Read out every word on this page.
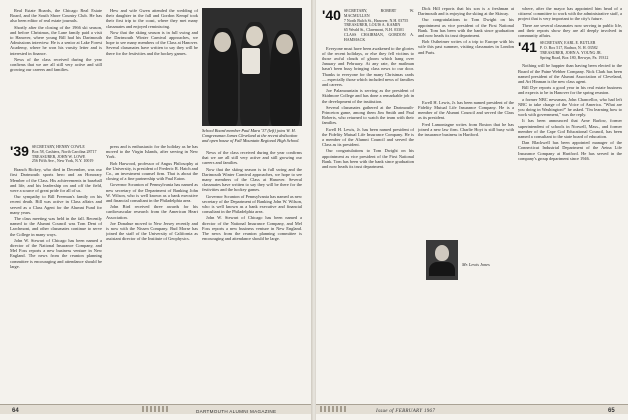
Real Estate Boards, the Chicago Real Estate Board, and the South Shore Country Club. He has also been editor of real estate journals.

Shortly after the closing of the 1966 ski season, and before Christmas, the Lane family paid a visit to Hanover, where young Bill had his Dartmouth Admissions interview. He is a senior at Lake Forest Academy, where he won his varsity letter and is interested in finance.

News of the class received during the year confirms that we are all still very active and still growing our careers and families.

Hew and wife Gwen attended the wedding of their daughter in the fall and Gordon Kempf took their first trip to the coast, where they met many classmates and enjoyed reminiscing.

Now that the skiing season is in full swing and the Dartmouth Winter Carnival approaches, we hope to see many members of the Class at Hanover. Several classmates have written to say they will be there for the festivities and the hockey games.

School Board member Paul Mara '37 (left) joins W. H. Congressman James Cleveland at the recent dedication and open house of Fall Mountain Regional High School.
'39 SECRETARY, HENRY COWLE
Box 58, Cashiers, North Carolina 28717
TREASURER, JOHN W. LOWE
256 Fifth Ave., New York, N.Y. 10019

Branch Rickey, who died in December, was our first Dartmouth sports hero and an Honorary Member of the Class. His achievements in baseball and life, and his leadership on and off the field, were a source of great pride for all of us.

Our sympathy to Bill Freeman's family on his recent death. Bill was active in Class affairs and served as a Class Agent for the Alumni Fund for many years.

The class meeting was held in the fall. Recently named to the Alumni Council was Tom Dent of Larchmont, and other classmates continue to serve the College in many ways.

John W. Stewart of Chicago has been named a director of the National Insurance Company, and Mel Foss reports a new business venture in New England. The news from the reunion planning committee is encouraging and attendance should be large.

press and is enthusiastic for the holiday as he has moved to the Virgin Islands, after serving in New York.

Bob Harwood, professor of Angus Philosophy at the University, is president of Frederic R. Hatch and Co., an investment counsel firm. That is about the closing of a fine partnership with Paul Eaton.

Governor Scranton of Pennsylvania has named as new secretary of the Department of Banking John W. Wilson, who is well known as a bank executive and financial consultant in the Philadelphia area.

John Bird received three awards for his cardiovascular research from the American Heart Association.

Joe Donahue moved to New Jersey recently and is now with the Nissen Company. Bud Morse has joined the staff of the University of California as assistant director of the Institute of Geophysics.

News of the class received during the year confirms that we are all still very active and still growing our careers and families.

Now that the skiing season is in full swing and the Dartmouth Winter Carnival approaches, we hope to see many members of the Class at Hanover. Several classmates have written to say they will be there for the festivities and the hockey games.

Governor Scranton of Pennsylvania has named as new secretary of the Department of Banking John W. Wilson, who is well known as a bank executive and financial consultant in the Philadelphia area.

John W. Stewart of Chicago has been named a director of the National Insurance Company, and Mel Foss reports a new business venture in New England. The news from the reunion planning committee is encouraging and attendance should be large.

64	DARTMOUTH ALUMNI MAGAZINE
'40 SECRETARY, ROBERT W. MACMULLEN
7 North Balch St., Hanover, N.H. 03755
TREASURER, LOUIS A. KAMIN
65 Weald St., Claremont, N.H. 03301
CLASS CHAIRMAN, GORDON A. HAMMACK

Everyone must have been awakened to the glories of the recent holidays, or else they fell victims to those awful clouds of gloom which hang over January and February. At any rate, the mailman hasn't been busy bringing class news to our door. Thanks to everyone for the many Christmas cards — especially those which included news of families and careers.

Joe Palamountain is serving as the president of Skidmore College and has done a remarkable job in the development of the institution.

Several classmates gathered at the Dartmouth-Princeton game, among them Jim Smith and Paul Roberts, who returned to watch the team with their families.

Ewell H. Lewis, Jr. has been named president of the Fidelity Mutual Life Insurance Company. He is a member of the Alumni Council and served the Class as its president.

Our congratulations to Tom Dwight on his appointment as vice president of the First National Bank. Tom has been with the bank since graduation and now heads its trust department.

Dick Hill reports that his son is a freshman at Dartmouth and is enjoying the skiing at the Skiway.

Our congratulations to Tom Dwight on his appointment as vice president of the First National Bank. Tom has been with the bank since graduation and now heads its trust department.

Bob Ostheimer writes of a trip to Europe with his wife this past summer, visiting classmates in London and Paris.

Ewell H. Lewis, Jr. has been named president of the Fidelity Mutual Life Insurance Company. He is a member of the Alumni Council and served the Class as its president.

Fred Lamontagne writes from Boston that he has joined a new law firm. Charlie Hoyt is still busy with the insurance business in Hartford.

Mr. Lewis Jones

where, after the mayor has appointed him head of a citizens' committee to work with the administrative staff, a project that is very important to the city's future.

There are several classmates now serving in public life, and their reports show they are all deeply involved in community affairs.

'41 SECRETARY, EARL E. BUTLER
P. O. Box 517, Radnor, N. H. 03582
TREASURER, JOHN A. YOUNG JR.
Spring Road, Box 180, Berwyn, Pa. 19312

Nothing will be happier than having been elected to the Board of the Paine Webber Company. Nick Clark has been named president of the Alumni Association of Cleveland, and Art Hinman is the new class agent.

Bill Dye reports a good year in his real estate business and expects to be in Hanover for the spring reunion.

a former NBC newsman, John Chancellor, who had left NBC to take charge of the Voice of America. "What are you doing in Washington?" he asked. "I'm learning how to work with government," was the reply.

It has been announced that Arne Barlow, former superintendent of schools in Norwell, Mass., and former member of the Cape Cod Educational Council, has been named a consultant to the state board of education.

Dan Blackwell has been appointed manager of the Connecticut Industrial Department of the Aetna Life Insurance Company at Hartford. He has served in the company's group department since 1946.

Issue of FEBRUARY 1967	65
